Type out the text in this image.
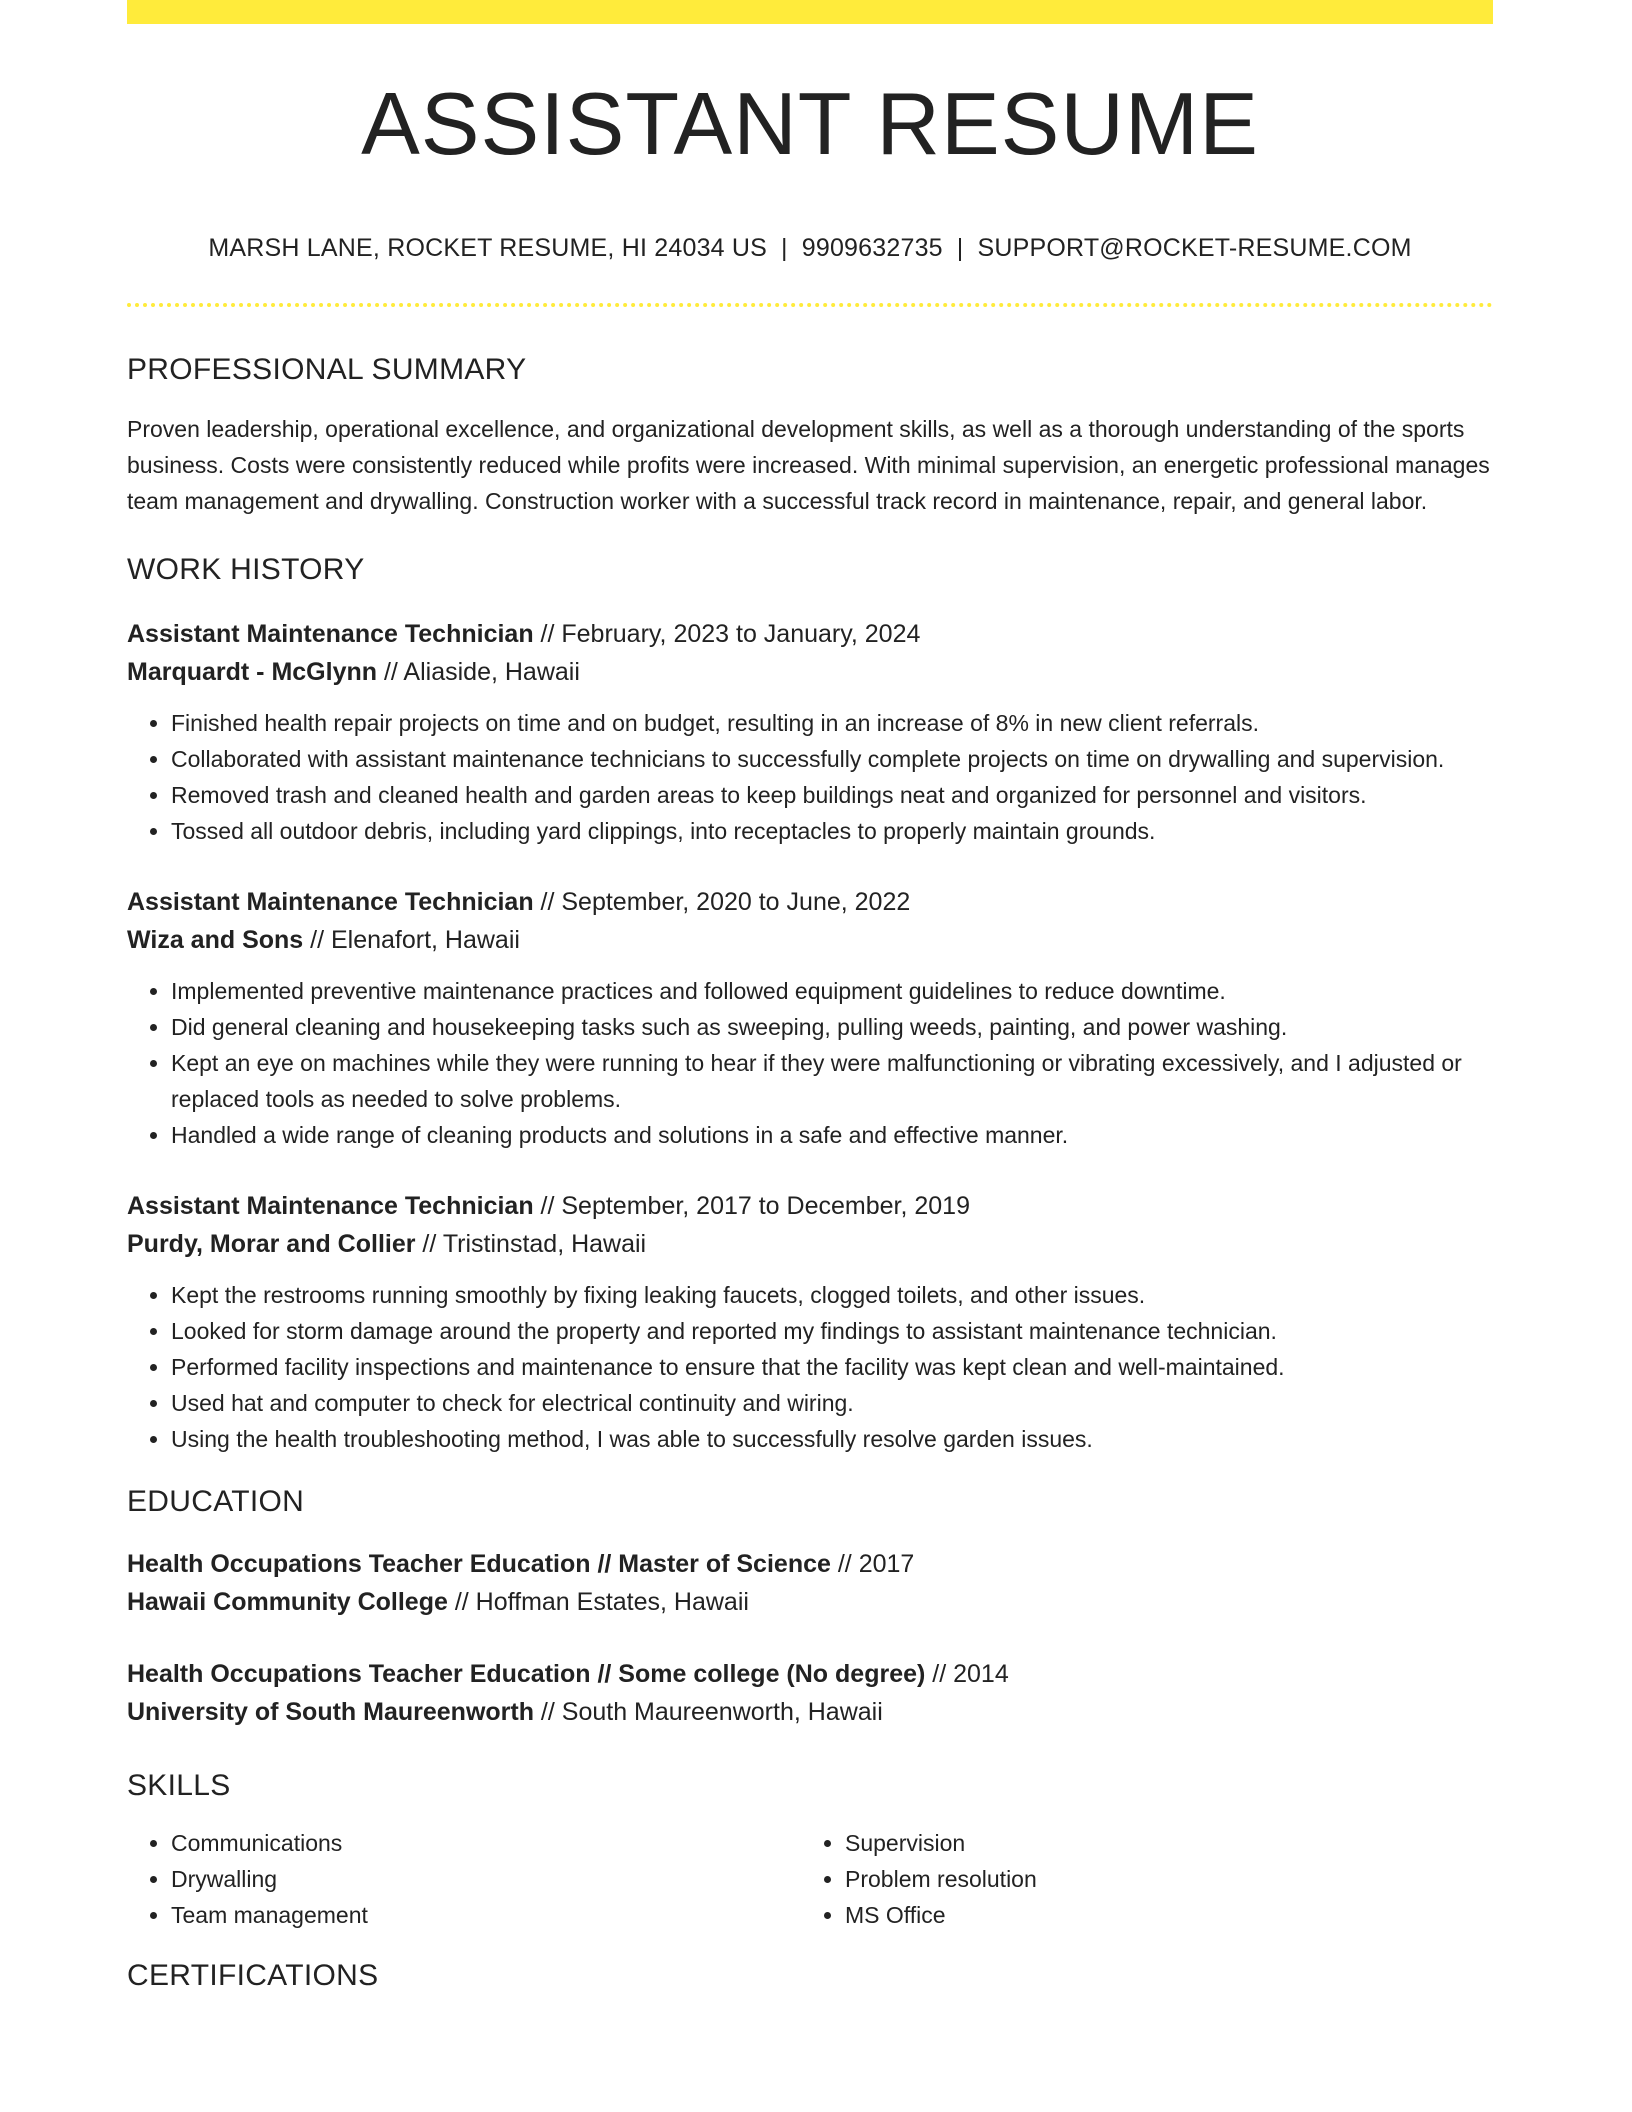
ASSISTANT RESUME
MARSH LANE, ROCKET RESUME, HI 24034 US | 9909632735 | SUPPORT@ROCKET-RESUME.COM
PROFESSIONAL SUMMARY
Proven leadership, operational excellence, and organizational development skills, as well as a thorough understanding of the sports business. Costs were consistently reduced while profits were increased. With minimal supervision, an energetic professional manages team management and drywalling. Construction worker with a successful track record in maintenance, repair, and general labor.
WORK HISTORY
Assistant Maintenance Technician // February, 2023 to January, 2024
Marquardt - McGlynn // Aliaside, Hawaii
• Finished health repair projects on time and on budget, resulting in an increase of 8% in new client referrals.
• Collaborated with assistant maintenance technicians to successfully complete projects on time on drywalling and supervision.
• Removed trash and cleaned health and garden areas to keep buildings neat and organized for personnel and visitors.
• Tossed all outdoor debris, including yard clippings, into receptacles to properly maintain grounds.
Assistant Maintenance Technician // September, 2020 to June, 2022
Wiza and Sons // Elenafort, Hawaii
• Implemented preventive maintenance practices and followed equipment guidelines to reduce downtime.
• Did general cleaning and housekeeping tasks such as sweeping, pulling weeds, painting, and power washing.
• Kept an eye on machines while they were running to hear if they were malfunctioning or vibrating excessively, and I adjusted or replaced tools as needed to solve problems.
• Handled a wide range of cleaning products and solutions in a safe and effective manner.
Assistant Maintenance Technician // September, 2017 to December, 2019
Purdy, Morar and Collier // Tristinstad, Hawaii
• Kept the restrooms running smoothly by fixing leaking faucets, clogged toilets, and other issues.
• Looked for storm damage around the property and reported my findings to assistant maintenance technician.
• Performed facility inspections and maintenance to ensure that the facility was kept clean and well-maintained.
• Used hat and computer to check for electrical continuity and wiring.
• Using the health troubleshooting method, I was able to successfully resolve garden issues.
EDUCATION
Health Occupations Teacher Education // Master of Science // 2017
Hawaii Community College // Hoffman Estates, Hawaii
Health Occupations Teacher Education // Some college (No degree) // 2014
University of South Maureenworth // South Maureenworth, Hawaii
SKILLS
• Communications
• Drywalling
• Team management
• Supervision
• Problem resolution
• MS Office
CERTIFICATIONS
